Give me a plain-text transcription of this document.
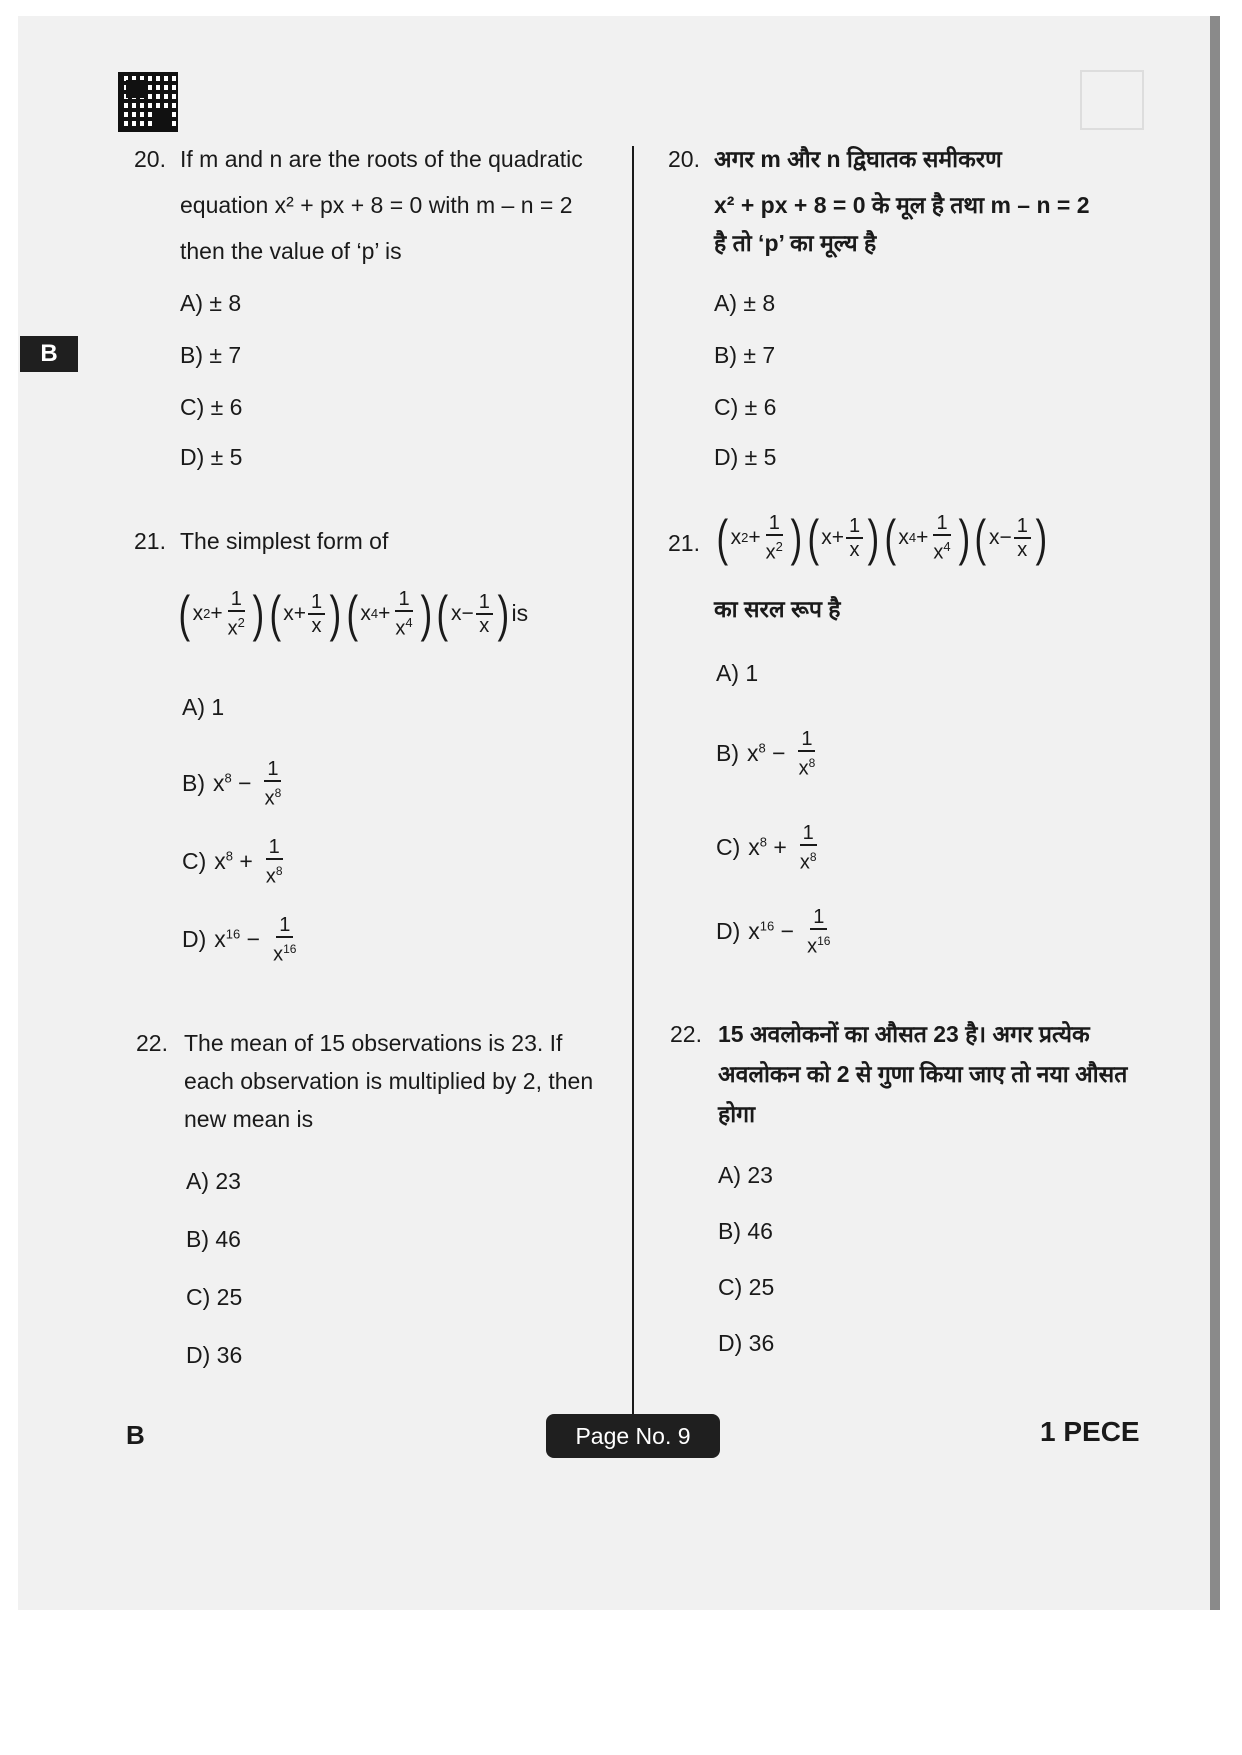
B
20. If m and n are the roots of the quadratic
equation x² + px + 8 = 0 with m – n = 2
then the value of ‘p’ is
A) ± 8
B) ± 7
C) ± 6
D) ± 5
21. The simplest form of
( x $2 + \frac{1}{x^2}$ ) ( $x+ \frac{1}{x}$ ) ( x $4 + \frac{1}{x^4}$ ) ( $x- \frac{1}{x}$ ) is
A) 1
B) $x^8 - \frac{1}{x^8}$
C) $x^8 + \frac{1}{x^8}$
D) $x^{16} - \frac{1}{x^{16}}$
22. The mean of 15 observations is 23. If
each observation is multiplied by 2, then
new mean is
A) 23
B) 46
C) 25
D) 36
20. अगर m और n द्विघातक समीकरण
x² + px + 8 = 0 के मूल है तथा m – n = 2
है तो ‘p’ का मूल्य है
A) ± 8
B) ± 7
C) ± 6
D) ± 5
21. ( x $2 + \frac{1}{x^2}$ ) ( $x+ \frac{1}{x}$ ) ( x $4 + \frac{1}{x^4}$ ) ( $x- \frac{1}{x}$ )
का सरल रूप है
A) 1
B) $x^8 - \frac{1}{x^8}$
C) $x^8 + \frac{1}{x^8}$
D) $x^{16} - \frac{1}{x^{16}}$
22. 15 अवलोकनों का औसत 23 है। अगर प्रत्येक
अवलोकन को 2 से गुणा किया जाए तो नया औसत
होगा
A) 23
B) 46
C) 25
D) 36
B	Page No. 9	1 PECE
